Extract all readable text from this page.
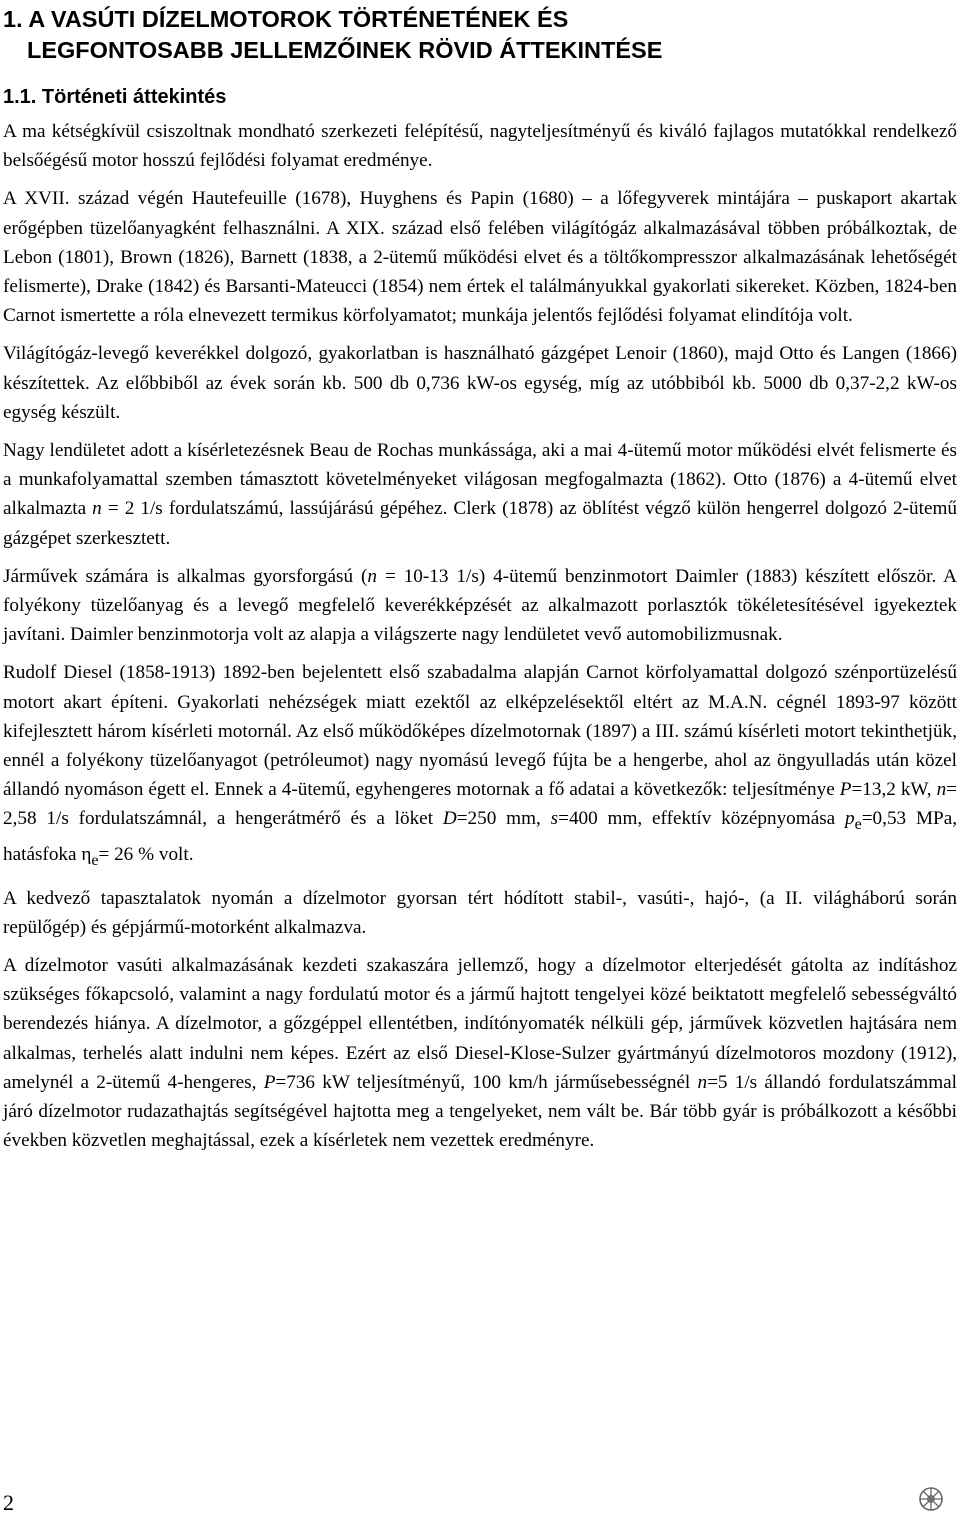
1. A VASÚTI DÍZELMOTOROK TÖRTÉNETÉNEK ÉS
LEGFONTOSABB JELLEMZŐINEK RÖVID ÁTTEKINTÉSE
1.1. Történeti áttekintés

A ma kétségkívül csiszoltnak mondható szerkezeti felépítésű, nagyteljesítményű és kiváló fajlagos mutatókkal rendelkező belsőégésű motor hosszú fejlődési folyamat eredménye.

A XVII. század végén Hautefeuille (1678), Huyghens és Papin (1680) – a lőfegyverek mintájára – puskaport akartak erőgépben tüzelőanyagként felhasználni. A XIX. század első felében világítógáz alkalmazásával többen próbálkoztak, de Lebon (1801), Brown (1826), Barnett (1838, a 2-ütemű működési elvet és a töltőkompresszor alkalmazásának lehetőségét felismerte), Drake (1842) és Barsanti-Mateucci (1854) nem értek el találmányukkal gyakorlati sikereket. Közben, 1824-ben Carnot ismertette a róla elnevezett termikus körfolyamatot; munkája jelentős fejlődési folyamat elindítója volt.

Világítógáz-levegő keverékkel dolgozó, gyakorlatban is használható gázgépet Lenoir (1860), majd Otto és Langen (1866) készítettek. Az előbbiből az évek során kb. 500 db 0,736 kW-os egység, míg az utóbbiból kb. 5000 db 0,37-2,2 kW-os egység készült.

Nagy lendületet adott a kísérletezésnek Beau de Rochas munkássága, aki a mai 4-ütemű motor működési elvét felismerte és a munkafolyamattal szemben támasztott követelményeket világosan megfogalmazta (1862). Otto (1876) a 4-ütemű elvet alkalmazta n = 2 1/s fordulatszámú, lassújárású gépéhez. Clerk (1878) az öblítést végző külön hengerrel dolgozó 2-ütemű gázgépet szerkesztett.

Járművek számára is alkalmas gyorsforgású (n = 10-13 1/s) 4-ütemű benzinmotort Daimler (1883) készített először. A folyékony tüzelőanyag és a levegő megfelelő keverékképzését az alkalmazott porlasztók tökéletesítésével igyekeztek javítani. Daimler benzinmotorja volt az alapja a világszerte nagy lendületet vevő automobilizmusnak.

Rudolf Diesel (1858-1913) 1892-ben bejelentett első szabadalma alapján Carnot körfolyamattal dolgozó szénportüzelésű motort akart építeni. Gyakorlati nehézségek miatt ezektől az elképzelésektől eltért az M.A.N. cégnél 1893-97 között kifejlesztett három kísérleti motornál. Az első működőképes dízelmotornak (1897) a III. számú kísérleti motort tekinthetjük, ennél a folyékony tüzelőanyagot (petróleumot) nagy nyomású levegő fújta be a hengerbe, ahol az öngyulladás után közel állandó nyomáson égett el. Ennek a 4-ütemű, egyhengeres motornak a fő adatai a következők: teljesítménye P=13,2 kW, n= 2,58 1/s fordulatszámnál, a hengerátmérő és a löket D=250 mm, s=400 mm, effektív középnyomása $p_e=0,53$ MPa, hatásfoka $\eta_e= 26$ % volt.

A kedvező tapasztalatok nyomán a dízelmotor gyorsan tért hódított stabil-, vasúti-, hajó-, (a II. világháború során repülőgép) és gépjármű-motorként alkalmazva.

A dízelmotor vasúti alkalmazásának kezdeti szakaszára jellemző, hogy a dízelmotor elterjedését gátolta az indításhoz szükséges főkapcsoló, valamint a nagy fordulatú motor és a jármű hajtott tengelyei közé beiktatott megfelelő sebességváltó berendezés hiánya. A dízelmotor, a gőzgéppel ellentétben, indítónyomaték nélküli gép, járművek közvetlen hajtására nem alkalmas, terhelés alatt indulni nem képes. Ezért az első Diesel-Klose-Sulzer gyártmányú dízelmotoros mozdony (1912), amelynél a 2-ütemű 4-hengeres, P=736 kW teljesítményű, 100 km/h járműsebességnél n=5 1/s állandó fordulatszámmal járó dízelmotor rudazathajtás segítségével hajtotta meg a tengelyeket, nem vált be. Bár több gyár is próbálkozott a későbbi években közvetlen meghajtással, ezek a kísérletek nem vezettek eredményre.

2
